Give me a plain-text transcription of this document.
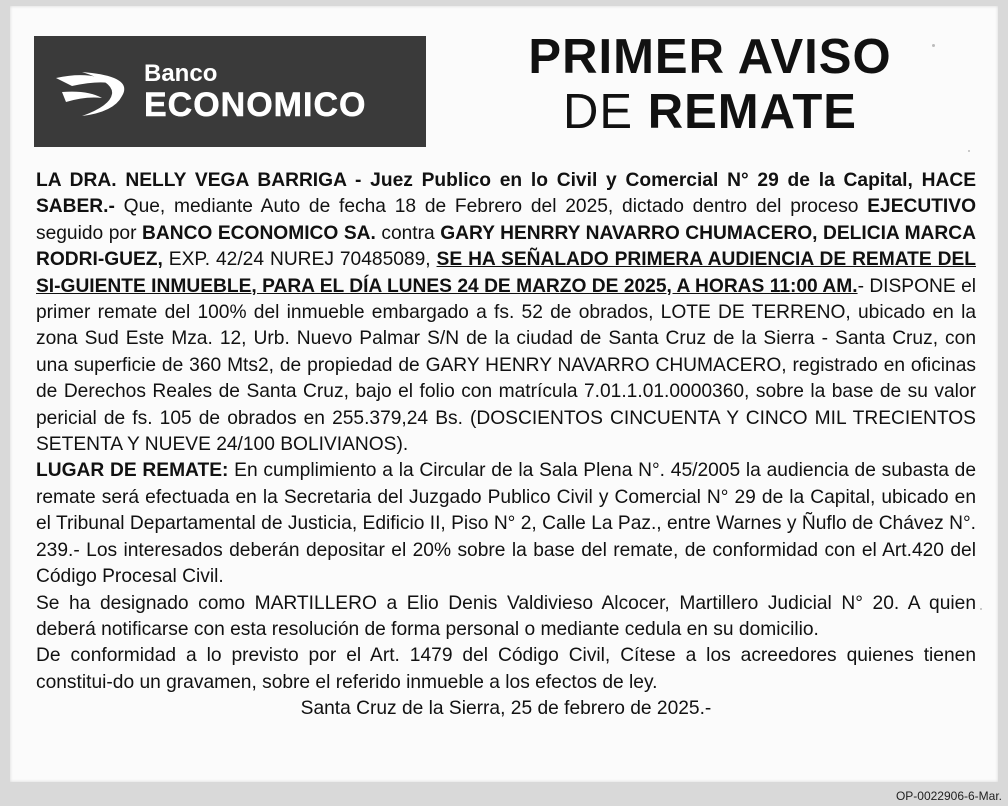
Banco
ECONOMICO
PRIMER AVISO
DE REMATE

LA DRA. NELLY VEGA BARRIGA - Juez Publico en lo Civil y Comercial N° 29 de la Capital, HACE SABER.- Que, mediante Auto de fecha 18 de Febrero del 2025, dictado dentro del proceso EJECUTIVO seguido por BANCO ECONOMICO SA. contra GARY HENRRY NAVARRO CHUMACERO, DELICIA MARCA RODRI-GUEZ, EXP. 42/24 NUREJ 70485089, SE HA SEÑALADO PRIMERA AUDIENCIA DE REMATE DEL SI-GUIENTE INMUEBLE, PARA EL DÍA LUNES 24 DE MARZO DE 2025, A HORAS 11:00 AM.- DISPONE el primer remate del 100% del inmueble embargado a fs. 52 de obrados, LOTE DE TERRENO, ubicado en la zona Sud Este Mza. 12, Urb. Nuevo Palmar S/N de la ciudad de Santa Cruz de la Sierra - Santa Cruz, con una superficie de 360 Mts2, de propiedad de GARY HENRY NAVARRO CHUMACERO, registrado en oficinas de Derechos Reales de Santa Cruz, bajo el folio con matrícula 7.01.1.01.0000360, sobre la base de su valor pericial de fs. 105 de obrados en 255.379,24 Bs. (DOSCIENTOS CINCUENTA Y CINCO MIL TRECIENTOS SETENTA Y NUEVE 24/100 BOLIVIANOS).

LUGAR DE REMATE: En cumplimiento a la Circular de la Sala Plena N°. 45/2005 la audiencia de subasta de remate será efectuada en la Secretaria del Juzgado Publico Civil y Comercial N° 29 de la Capital, ubicado en el Tribunal Departamental de Justicia, Edificio II, Piso N° 2, Calle La Paz., entre Warnes y Ñuflo de Chávez N°. 239.- Los interesados deberán depositar el 20% sobre la base del remate, de conformidad con el Art.420 del Código Procesal Civil.

Se ha designado como MARTILLERO a Elio Denis Valdivieso Alcocer, Martillero Judicial N° 20. A quien deberá notificarse con esta resolución de forma personal o mediante cedula en su domicilio.

De conformidad a lo previsto por el Art. 1479 del Código Civil, Cítese a los acreedores quienes tienen constitui-do un gravamen, sobre el referido inmueble a los efectos de ley.

Santa Cruz de la Sierra, 25 de febrero de 2025.-

OP-0022906-6-Mar.
